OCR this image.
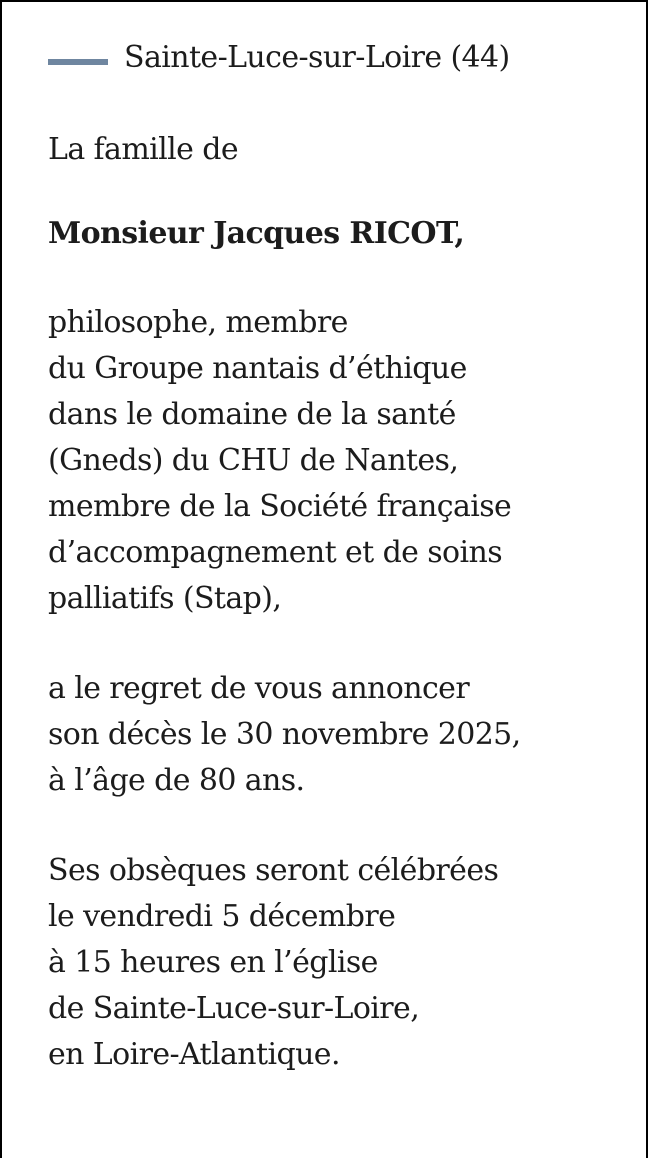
Sainte-Luce-sur-Loire (44)
La famille de
Monsieur Jacques RICOT,
philosophe, membre
du Groupe nantais d’éthique
dans le domaine de la santé
(Gneds) du CHU de Nantes,
membre de la Société française
d’accompagnement et de soins
palliatifs (Stap),
a le regret de vous annoncer
son décès le 30 novembre 2025,
à l’âge de 80 ans.
Ses obsèques seront célébrées
le vendredi 5 décembre
à 15 heures en l’église
de Sainte-Luce-sur-Loire,
en Loire-Atlantique.
